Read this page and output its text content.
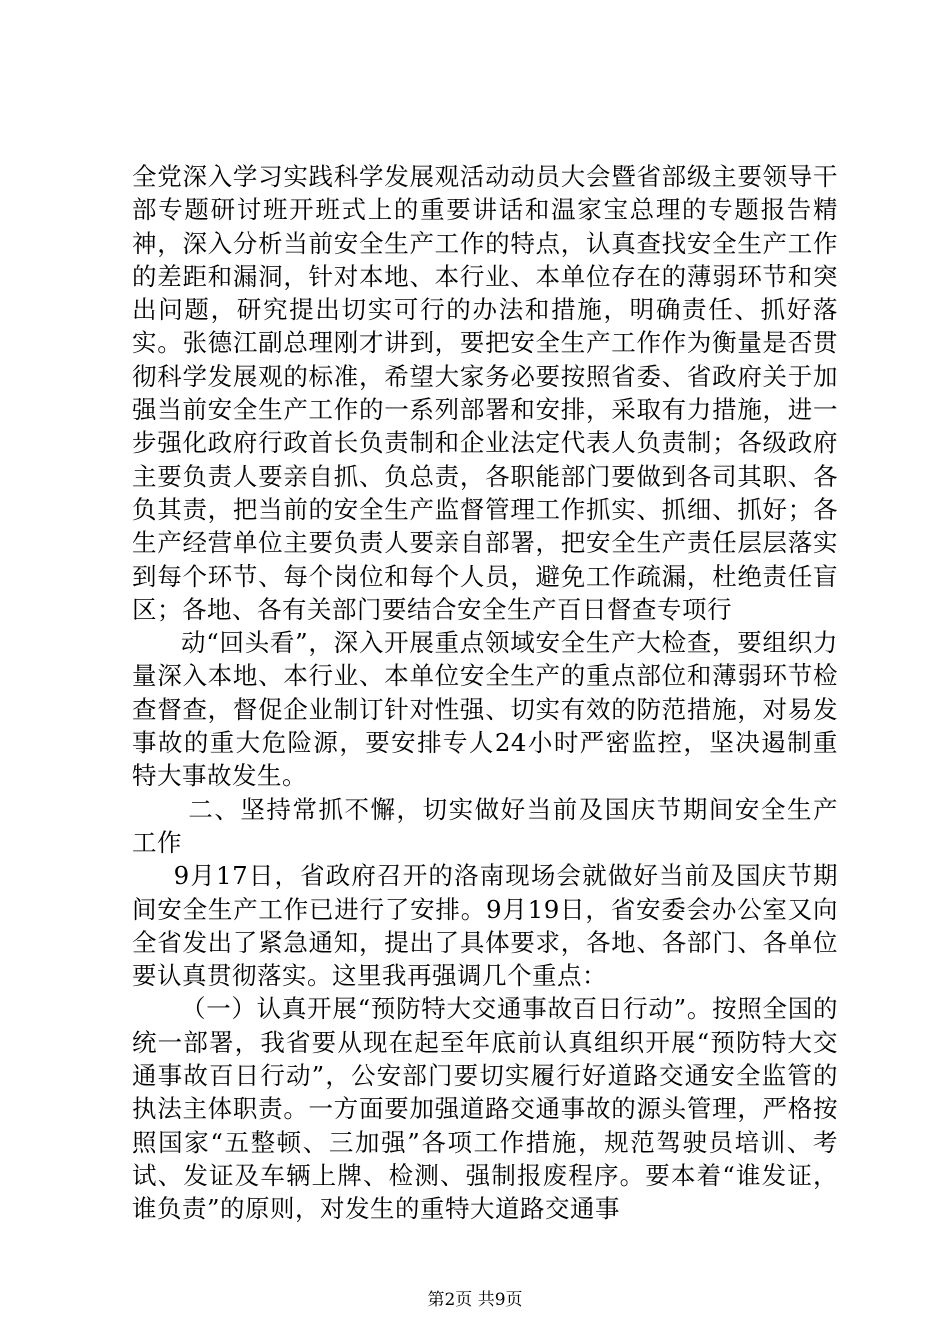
全党深入学习实践科学发展观活动动员大会暨省部级主要领导干部专题研讨班开班式上的重要讲话和温家宝总理的专题报告精神，深入分析当前安全生产工作的特点，认真查找安全生产工作的差距和漏洞，针对本地、本行业、本单位存在的薄弱环节和突出问题，研究提出切实可行的办法和措施，明确责任、抓好落实。张德江副总理刚才讲到，要把安全生产工作作为衡量是否贯彻科学发展观的标准，希望大家务必要按照省委、省政府关于加强当前安全生产工作的一系列部署和安排，采取有力措施，进一步强化政府行政首长负责制和企业法定代表人负责制；各级政府主要负责人要亲自抓、负总责，各职能部门要做到各司其职、各负其责，把当前的安全生产监督管理工作抓实、抓细、抓好；各生产经营单位主要负责人要亲自部署，把安全生产责任层层落实到每个环节、每个岗位和每个人员，避免工作疏漏，杜绝责任盲区；各地、各有关部门要结合安全生产百日督查专项行

动“回头看”，深入开展重点领域安全生产大检查，要组织力量深入本地、本行业、本单位安全生产的重点部位和薄弱环节检查督查，督促企业制订针对性强、切实有效的防范措施，对易发事故的重大危险源，要安排专人24小时严密监控，坚决遏制重特大事故发生。

二、坚持常抓不懈，切实做好当前及国庆节期间安全生产工作

9月17日，省政府召开的洛南现场会就做好当前及国庆节期间安全生产工作已进行了安排。9月19日，省安委会办公室又向全省发出了紧急通知，提出了具体要求，各地、各部门、各单位要认真贯彻落实。这里我再强调几个重点：

（一）认真开展“预防特大交通事故百日行动”。按照全国的统一部署，我省要从现在起至年底前认真组织开展“预防特大交通事故百日行动”，公安部门要切实履行好道路交通安全监管的执法主体职责。一方面要加强道路交通事故的源头管理，严格按照国家“五整顿、三加强”各项工作措施，规范驾驶员培训、考试、发证及车辆上牌、检测、强制报废程序。要本着“谁发证，谁负责”的原则，对发生的重特大道路交通事

第2页 共9页
